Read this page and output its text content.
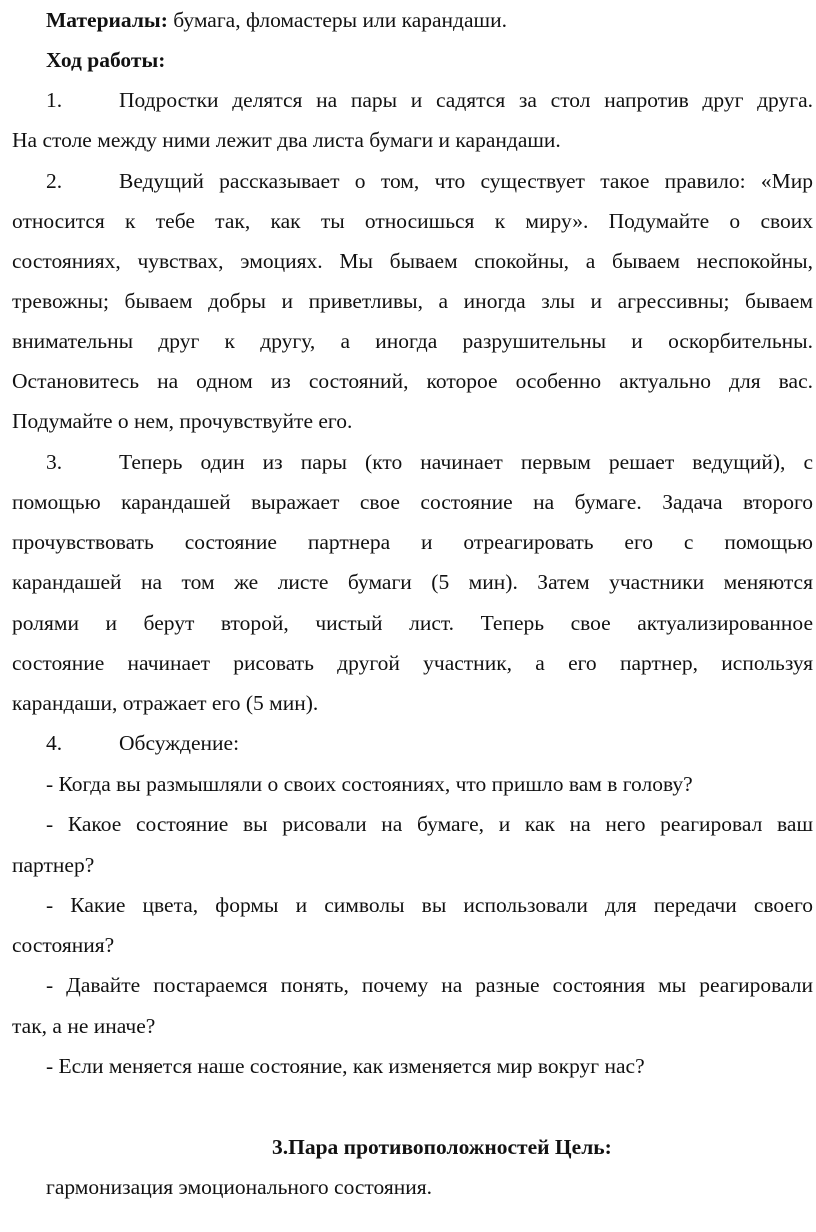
Материалы: бумага, фломастеры или карандаши.
Ход работы:
1.	Подростки делятся на пары и садятся за стол напротив друг друга.
На столе между ними лежит два листа бумаги и карандаши.
2.	Ведущий рассказывает о том, что существует такое правило: «Мир
относится к тебе так, как ты относишься к миру». Подумайте о своих
состояниях, чувствах, эмоциях. Мы бываем спокойны, а бываем неспокойны,
тревожны; бываем добры и приветливы, а иногда злы и агрессивны; бываем
внимательны друг к другу, а иногда разрушительны и оскорбительны.
Остановитесь на одном из состояний, которое особенно актуально для вас.
Подумайте о нем, прочувствуйте его.
3.	Теперь один из пары (кто начинает первым решает ведущий), с
помощью карандашей выражает свое состояние на бумаге. Задача второго
прочувствовать состояние партнера и отреагировать его с помощью
карандашей на том же листе бумаги (5 мин). Затем участники меняются
ролями и берут второй, чистый лист. Теперь свое актуализированное
состояние начинает рисовать другой участник, а его партнер, используя
карандаши, отражает его (5 мин).
4.	Обсуждение:
- Когда вы размышляли о своих состояниях, что пришло вам в голову?
- Какое состояние вы рисовали на бумаге, и как на него реагировал ваш
партнер?
- Какие цвета, формы и символы вы использовали для передачи своего
состояния?
- Давайте постараемся понять, почему на разные состояния мы реагировали
так, а не иначе?
- Если меняется наше состояние, как изменяется мир вокруг нас?
3.Пара противоположностей Цель:
гармонизация эмоционального состояния.
